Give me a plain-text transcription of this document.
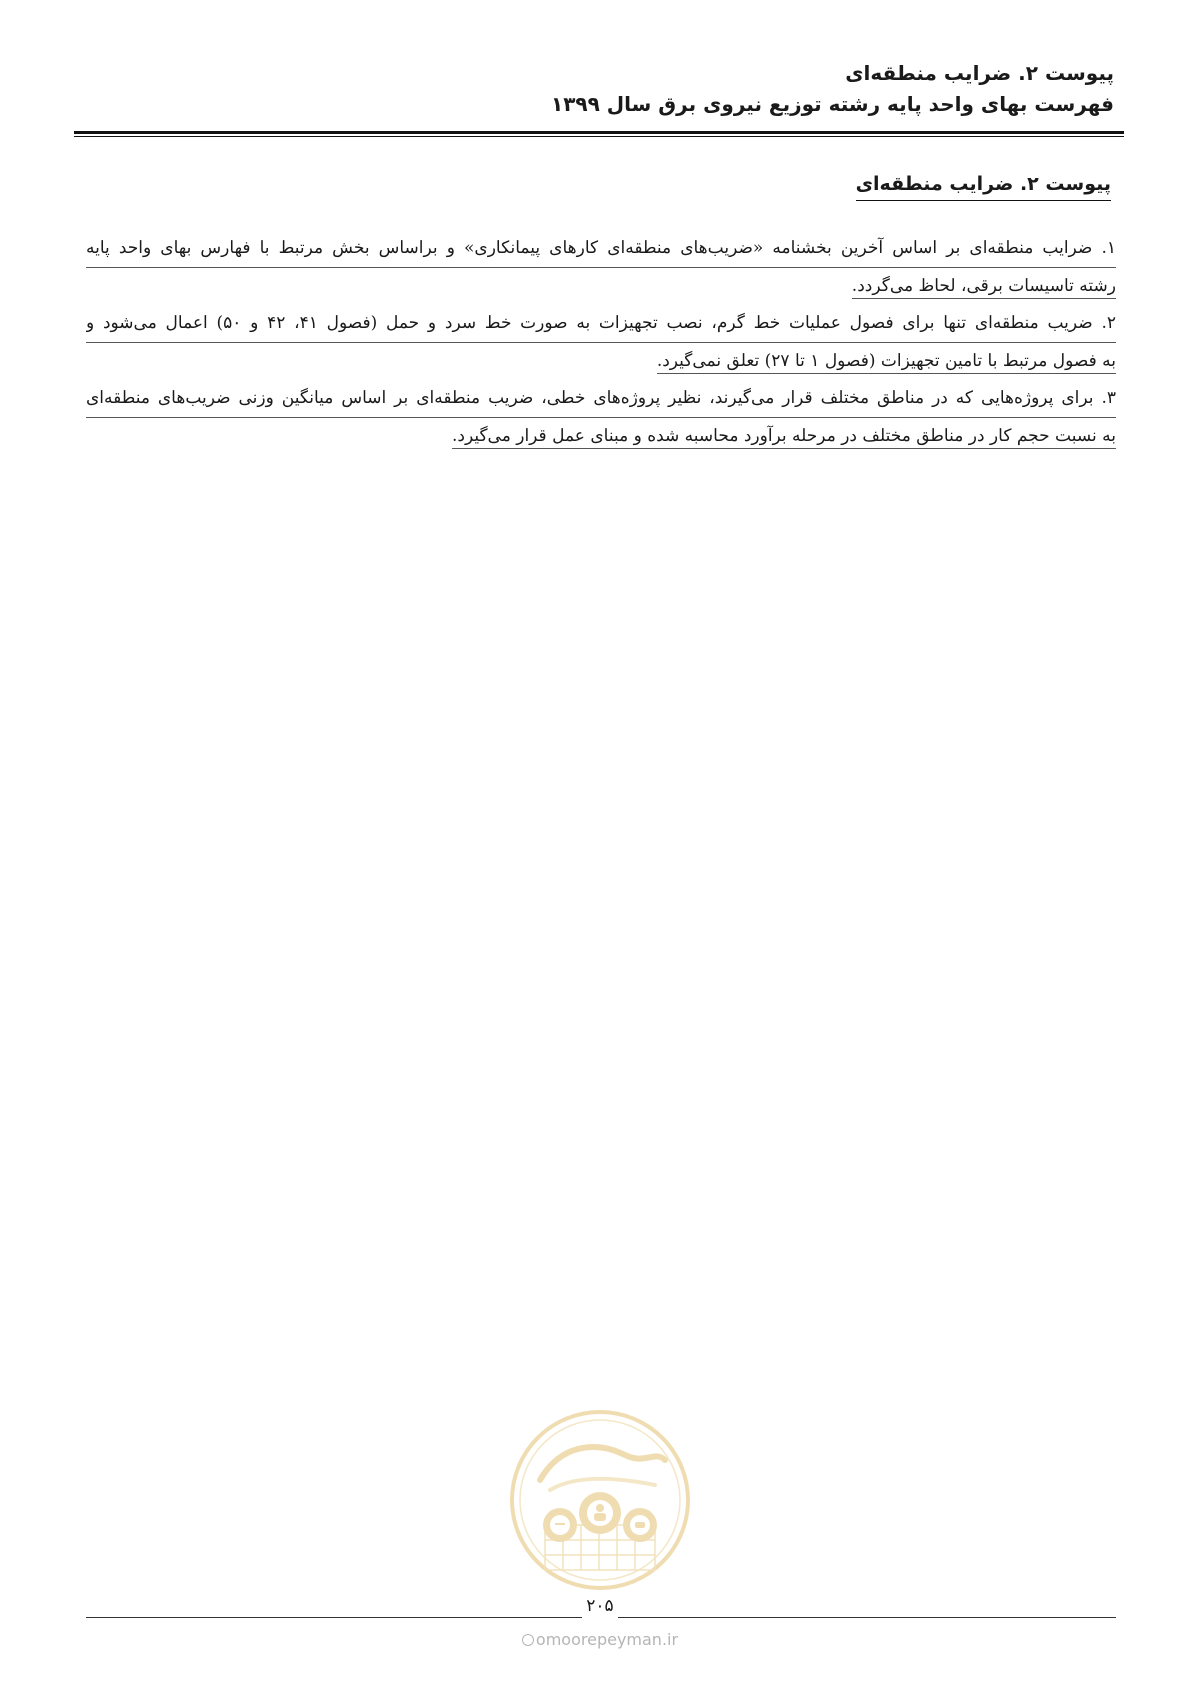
پیوست ۲. ضرایب منطقه‌ای
فهرست بهای واحد پایه رشته توزیع نیروی برق سال ۱۳۹۹
پیوست ۲. ضرایب منطقه‌ای
۱. ضرایب منطقه‌ای بر اساس آخرین بخشنامه «ضریب‌های منطقه‌ای کارهای پیمانکاری» و براساس بخش مرتبط با فهارس بهای واحد پایه
رشته تاسیسات برقی، لحاظ می‌گردد.
۲. ضریب منطقه‌ای تنها برای فصول عملیات خط گرم، نصب تجهیزات به صورت خط سرد و حمل (فصول ۴۱، ۴۲ و ۵۰) اعمال می‌شود و
به فصول مرتبط با تامین تجهیزات (فصول ۱ تا ۲۷) تعلق نمی‌گیرد.
۳. برای پروژه‌هایی که در مناطق مختلف قرار می‌گیرند، نظیر پروژه‌های خطی، ضریب منطقه‌ای بر اساس میانگین وزنی ضریب‌های منطقه‌ای
به نسبت حجم کار در مناطق مختلف در مرحله برآورد محاسبه شده و مبنای عمل قرار می‌گیرد.
۲۰۵
omoorepeyman.ir
